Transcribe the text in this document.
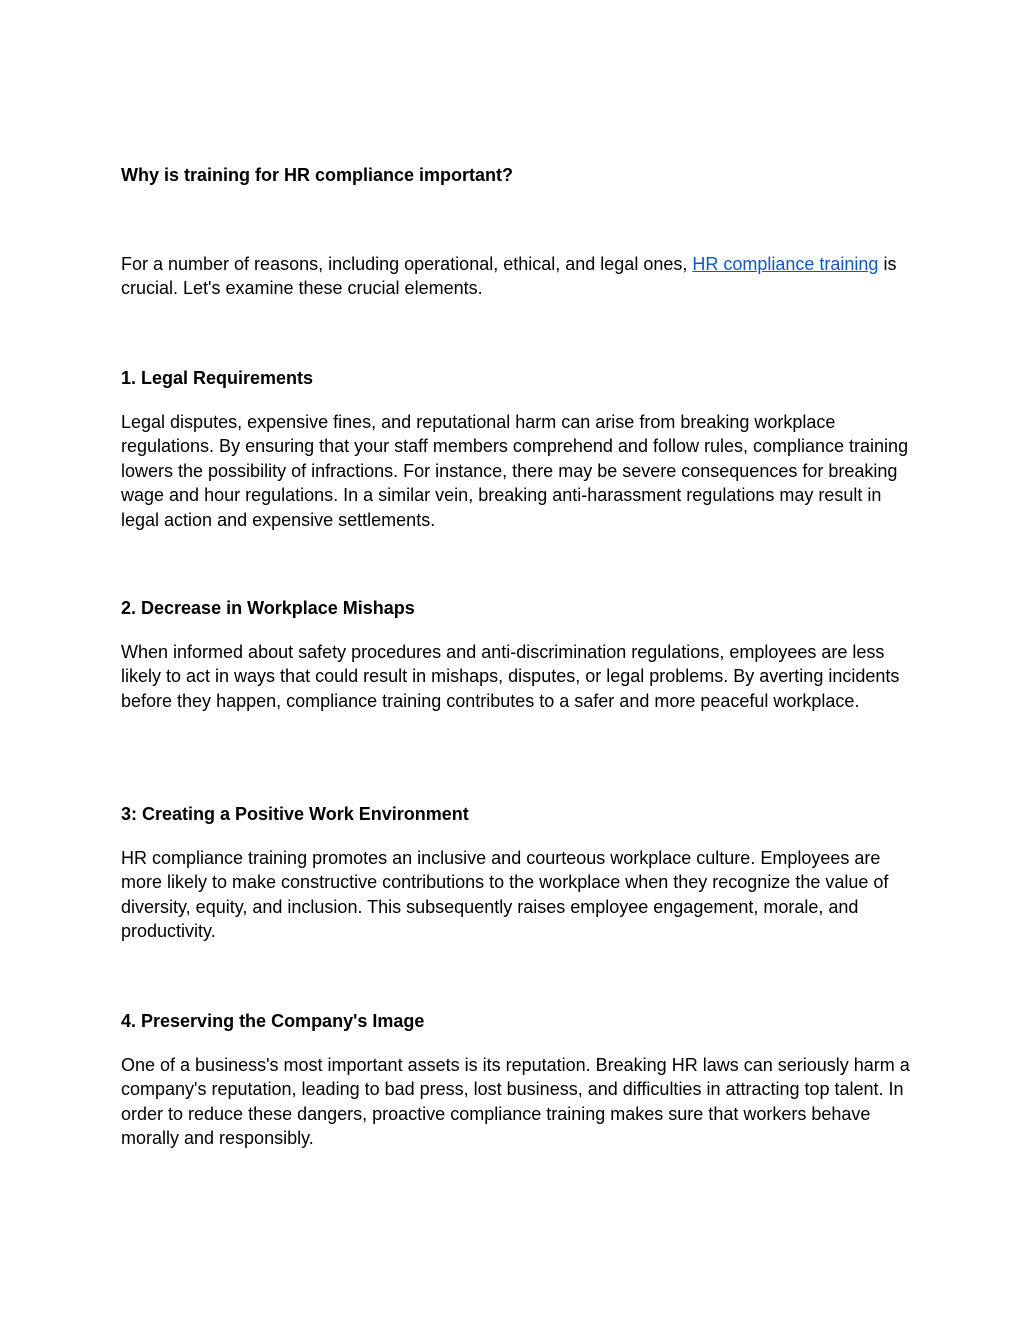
Why is training for HR compliance important?

For a number of reasons, including operational, ethical, and legal ones, HR compliance training is crucial. Let's examine these crucial elements.

1. Legal Requirements

Legal disputes, expensive fines, and reputational harm can arise from breaking workplace regulations. By ensuring that your staff members comprehend and follow rules, compliance training lowers the possibility of infractions. For instance, there may be severe consequences for breaking wage and hour regulations. In a similar vein, breaking anti-harassment regulations may result in legal action and expensive settlements.

2. Decrease in Workplace Mishaps

When informed about safety procedures and anti-discrimination regulations, employees are less likely to act in ways that could result in mishaps, disputes, or legal problems. By averting incidents before they happen, compliance training contributes to a safer and more peaceful workplace.

3: Creating a Positive Work Environment

HR compliance training promotes an inclusive and courteous workplace culture. Employees are more likely to make constructive contributions to the workplace when they recognize the value of diversity, equity, and inclusion. This subsequently raises employee engagement, morale, and productivity.

4. Preserving the Company's Image

One of a business's most important assets is its reputation. Breaking HR laws can seriously harm a company's reputation, leading to bad press, lost business, and difficulties in attracting top talent. In order to reduce these dangers, proactive compliance training makes sure that workers behave morally and responsibly.
